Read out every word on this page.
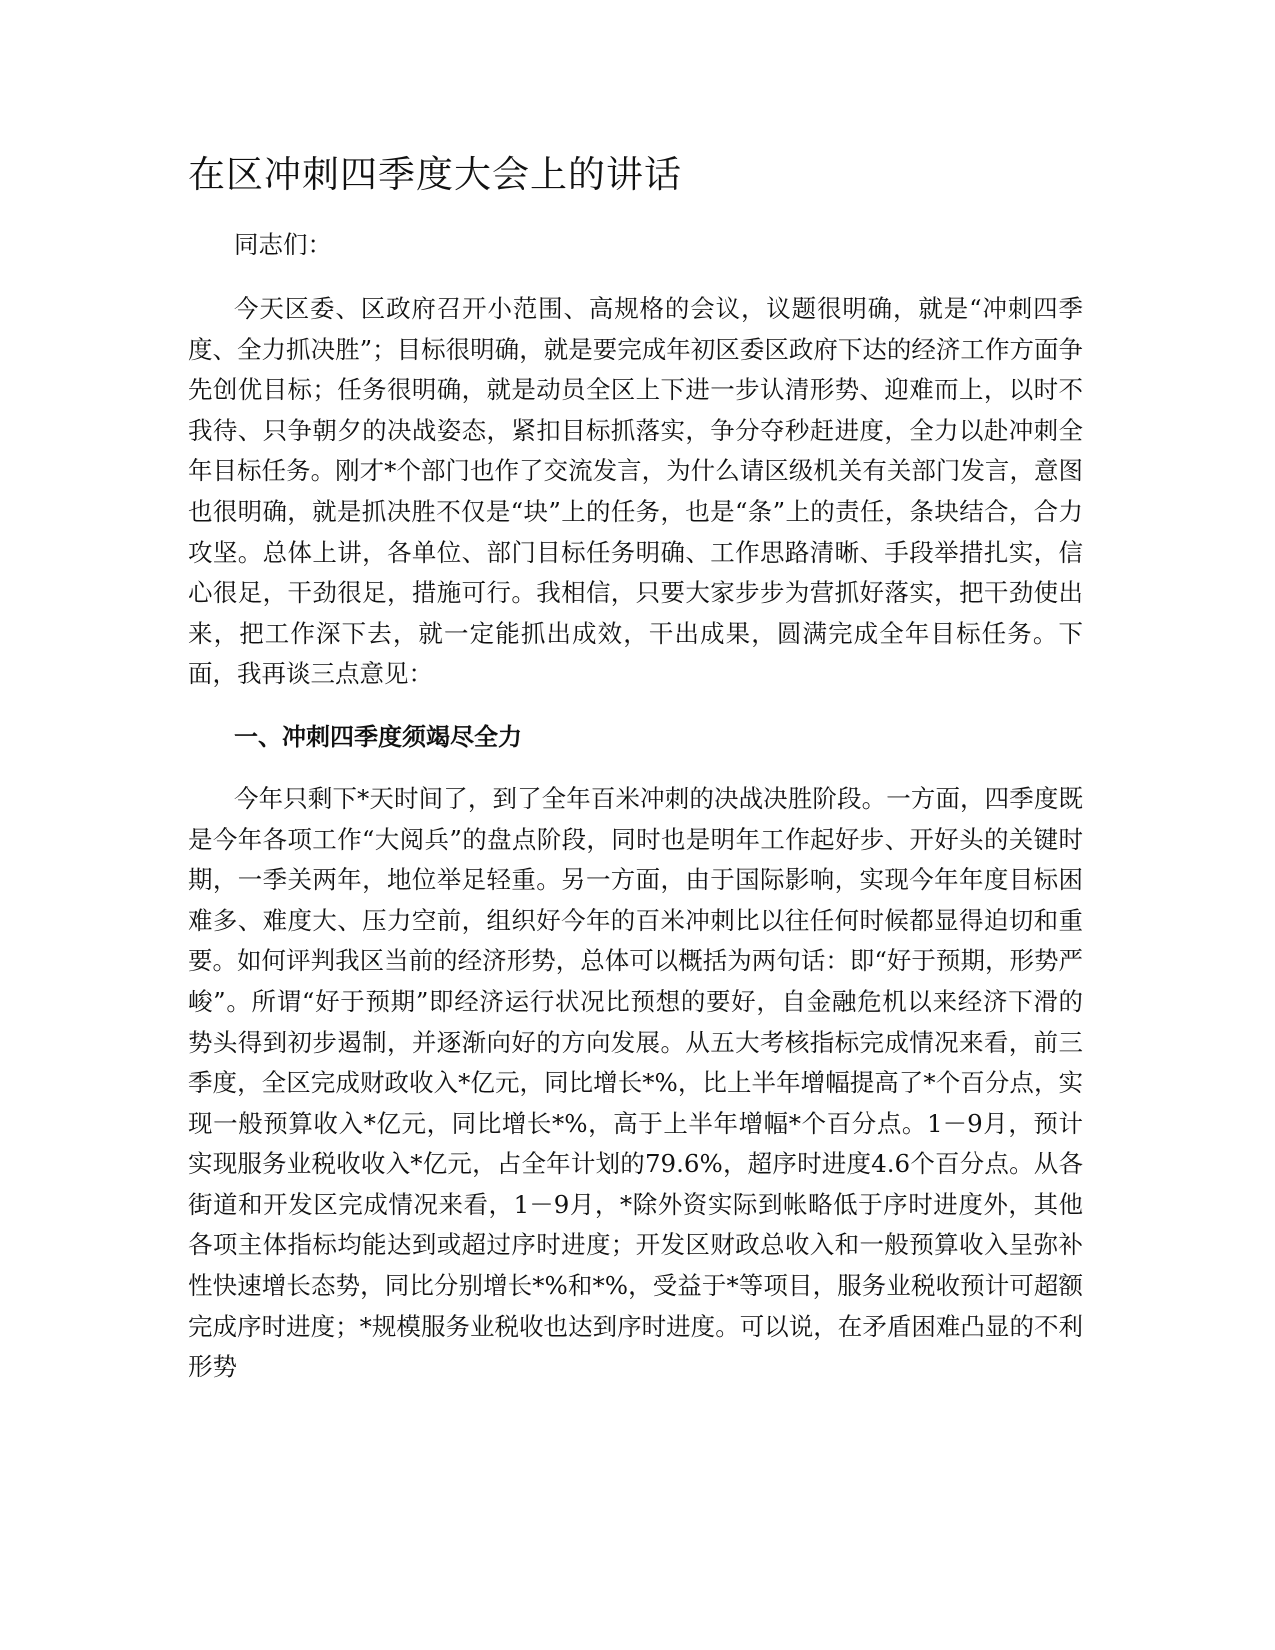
在区冲刺四季度大会上的讲话

同志们：

今天区委、区政府召开小范围、高规格的会议，议题很明确，就是“冲刺四季度、全力抓决胜”；目标很明确，就是要完成年初区委区政府下达的经济工作方面争先创优目标；任务很明确，就是动员全区上下进一步认清形势、迎难而上，以时不我待、只争朝夕的决战姿态，紧扣目标抓落实，争分夺秒赶进度，全力以赴冲刺全年目标任务。刚才*个部门也作了交流发言，为什么请区级机关有关部门发言，意图也很明确，就是抓决胜不仅是“块”上的任务，也是“条”上的责任，条块结合，合力攻坚。总体上讲，各单位、部门目标任务明确、工作思路清晰、手段举措扎实，信心很足，干劲很足，措施可行。我相信，只要大家步步为营抓好落实，把干劲使出来，把工作深下去，就一定能抓出成效，干出成果，圆满完成全年目标任务。下面，我再谈三点意见：

一、冲刺四季度须竭尽全力

今年只剩下*天时间了，到了全年百米冲刺的决战决胜阶段。一方面，四季度既是今年各项工作“大阅兵”的盘点阶段，同时也是明年工作起好步、开好头的关键时期，一季关两年，地位举足轻重。另一方面，由于国际影响，实现今年年度目标困难多、难度大、压力空前，组织好今年的百米冲刺比以往任何时候都显得迫切和重要。如何评判我区当前的经济形势，总体可以概括为两句话：即“好于预期，形势严峻”。所谓“好于预期”即经济运行状况比预想的要好，自金融危机以来经济下滑的势头得到初步遏制，并逐渐向好的方向发展。从五大考核指标完成情况来看，前三季度，全区完成财政收入*亿元，同比增长*%，比上半年增幅提高了*个百分点，实现一般预算收入*亿元，同比增长*%，高于上半年增幅*个百分点。1－9月，预计实现服务业税收收入*亿元，占全年计划的79.6%，超序时进度4.6个百分点。从各街道和开发区完成情况来看，1－9月，*除外资实际到帐略低于序时进度外，其他各项主体指标均能达到或超过序时进度；开发区财政总收入和一般预算收入呈弥补性快速增长态势，同比分别增长*%和*%，受益于*等项目，服务业税收预计可超额完成序时进度；*规模服务业税收也达到序时进度。可以说，在矛盾困难凸显的不利形势
